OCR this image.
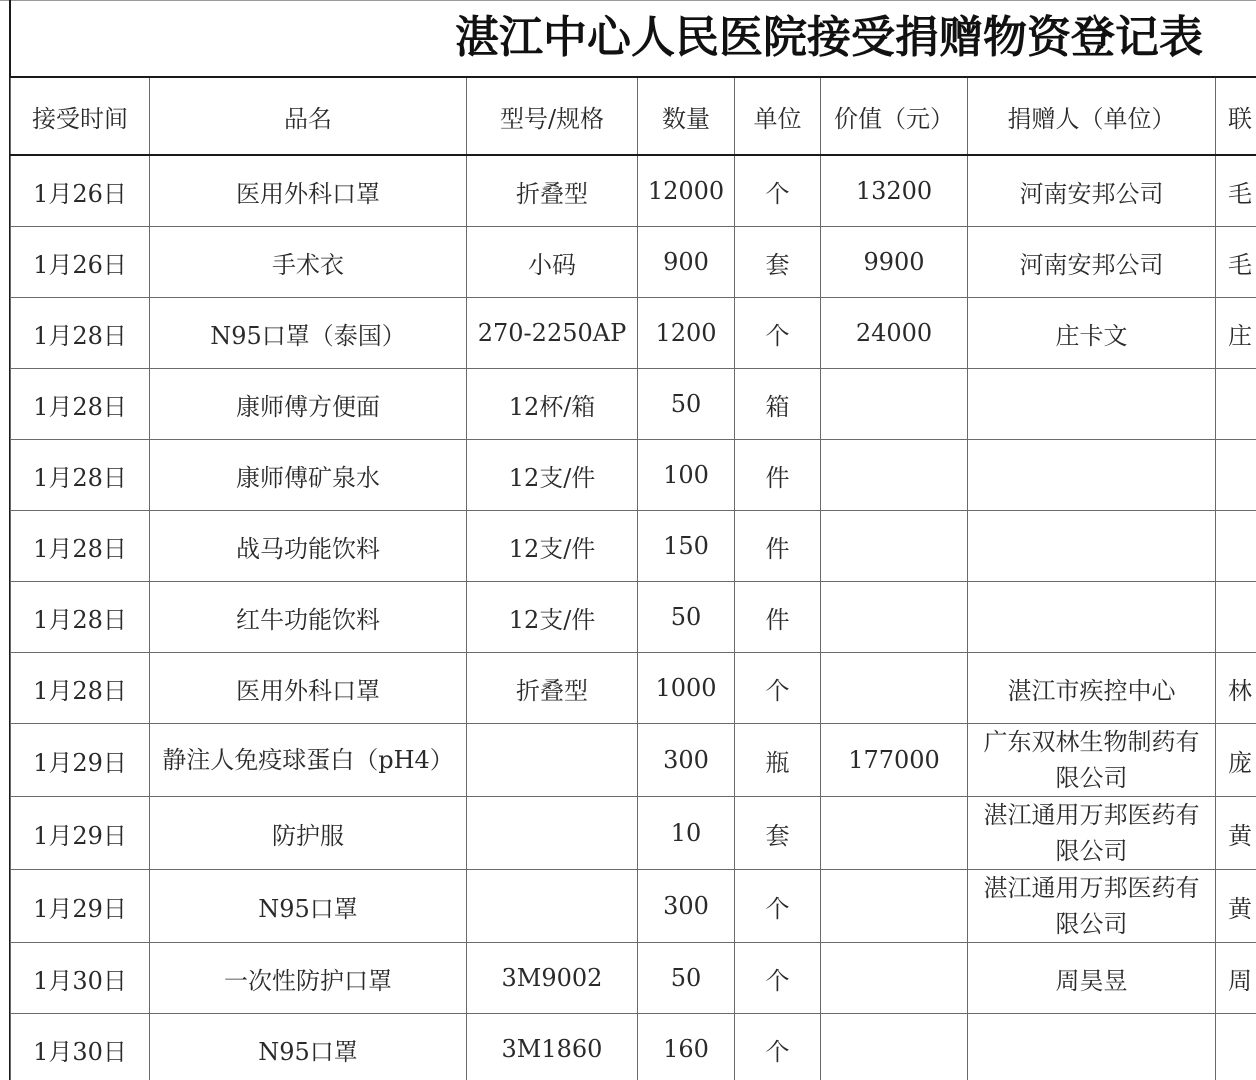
湛江中心人民医院接受捐赠物资登记表
接受时间	品名	型号/规格	数量	单位	价值（元）	捐赠人（单位）	联
1月26日	医用外科口罩	折叠型	12000	个	13200	河南安邦公司	毛
1月26日	手术衣	小码	900	套	9900	河南安邦公司	毛
1月28日	N95口罩（泰国）	270-2250AP	1200	个	24000	庄卡文	庄
1月28日	康师傅方便面	12杯/箱	50	箱			
1月28日	康师傅矿泉水	12支/件	100	件			
1月28日	战马功能饮料	12支/件	150	件			
1月28日	红牛功能饮料	12支/件	50	件			
1月28日	医用外科口罩	折叠型	1000	个		湛江市疾控中心	林
1月29日	静注人免疫球蛋白（pH4）		300	瓶	177000	广东双林生物制药有限公司	庞
1月29日	防护服		10	套		湛江通用万邦医药有限公司	黄
1月29日	N95口罩		300	个		湛江通用万邦医药有限公司	黄
1月30日	一次性防护口罩	3M9002	50	个		周昊昱	周
1月30日	N95口罩	3M1860	160	个			
